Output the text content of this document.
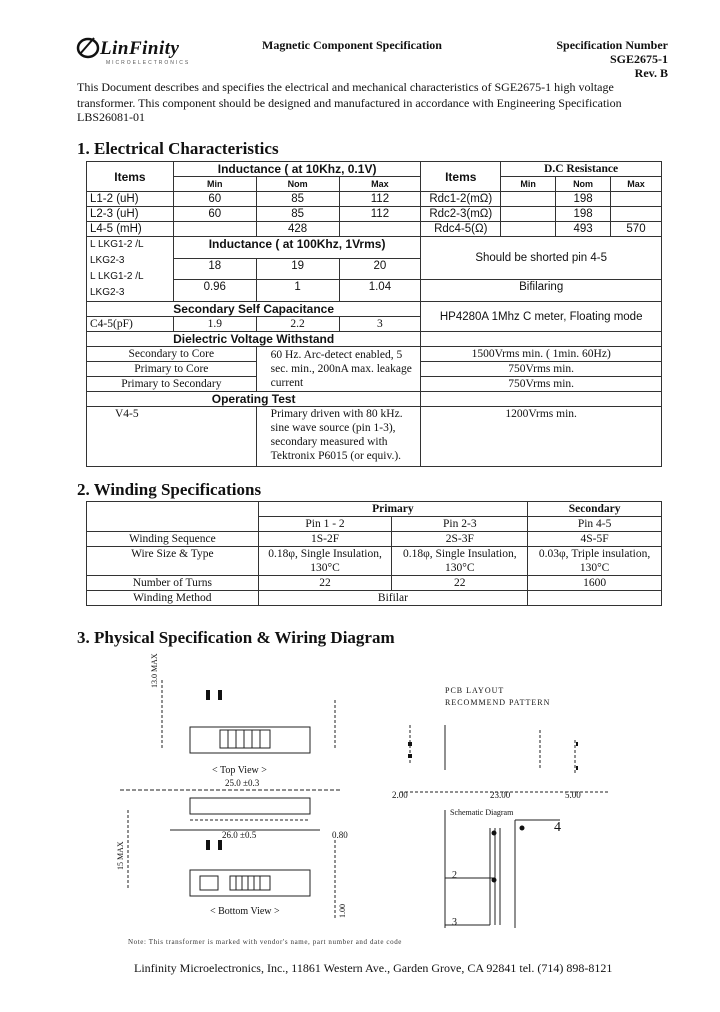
LinFinity
MICROELECTRONICS
Magnetic Component Specification	Specification Number
SGE2675-1
Rev. B
This Document describes and specifies the electrical and mechanical characteristics of SGE2675-1 high voltage
transformer. This component should be designed and manufactured in accordance with Engineering Specification
LBS26081-01
1. Electrical Characteristics
Items	Inductance ( at 10Khz, 0.1V)			Items	D.C Resistance		
	Min	Nom	Max		Min	Nom	Max
L1-2 (uH)	60	85	112	Rdc1-2(mΩ)		198	
L2-3 (uH)	60	85	112	Rdc2-3(mΩ)		198	
L4-5 (mH)		428		Rdc4-5(Ω)		493	570

L LKG1-2 /L LKG2-3
L LKG1-2 /L LKG2-3	Inductance ( at 100Khz, 1Vrms)			Should be shorted pin 4-5			
	18	19	20				
	0.96	1	1.04	Bifilaring			
Secondary Self Capacitance				HP4280A 1Mhz C meter, Floating mode			
C4-5(pF)	1.9	2.2	3				
Dielectric Voltage Withstand							
Secondary to Core		60 Hz. Arc-detect enabled, 5 sec. min., 200nA max. leakage current		1500Vrms min. ( 1min. 60Hz)			
Primary to Core				750Vrms min.			
Primary to Secondary				750Vrms min.			
Operating Test							
V4-5		Primary driven with 80 kHz. sine wave source (pin 1-3), secondary measured with Tektronix P6015 (or equiv.).		1200Vrms min.			
2. Winding Specifications
	Primary		Secondary
	Pin 1 - 2	Pin 2-3	Pin 4-5
Winding Sequence	1S-2F	2S-3F	4S-5F
Wire Size & Type	0.18φ, Single Insulation, 130°C	0.18φ, Single Insulation, 130°C	0.03φ, Triple insulation, 130°C
Number of Turns	22	22	1600
Winding Method	Bifilar		
3. Physical Specification & Wiring Diagram
< Top View >
25.0 ±0.3
26.0 ±0.5
13.0 MAX
15 MAX
0.80
< Bottom View >	1.00
PCB LAYOUT
RECOMMEND PATTERN
2.00	23.00	5.00
Schematic Diagram
4
2
3
Note: This transformer is marked with vendor's name, part number and date code
Linfinity Microelectronics, Inc., 11861 Western Ave., Garden Grove, CA 92841 tel. (714) 898-8121
